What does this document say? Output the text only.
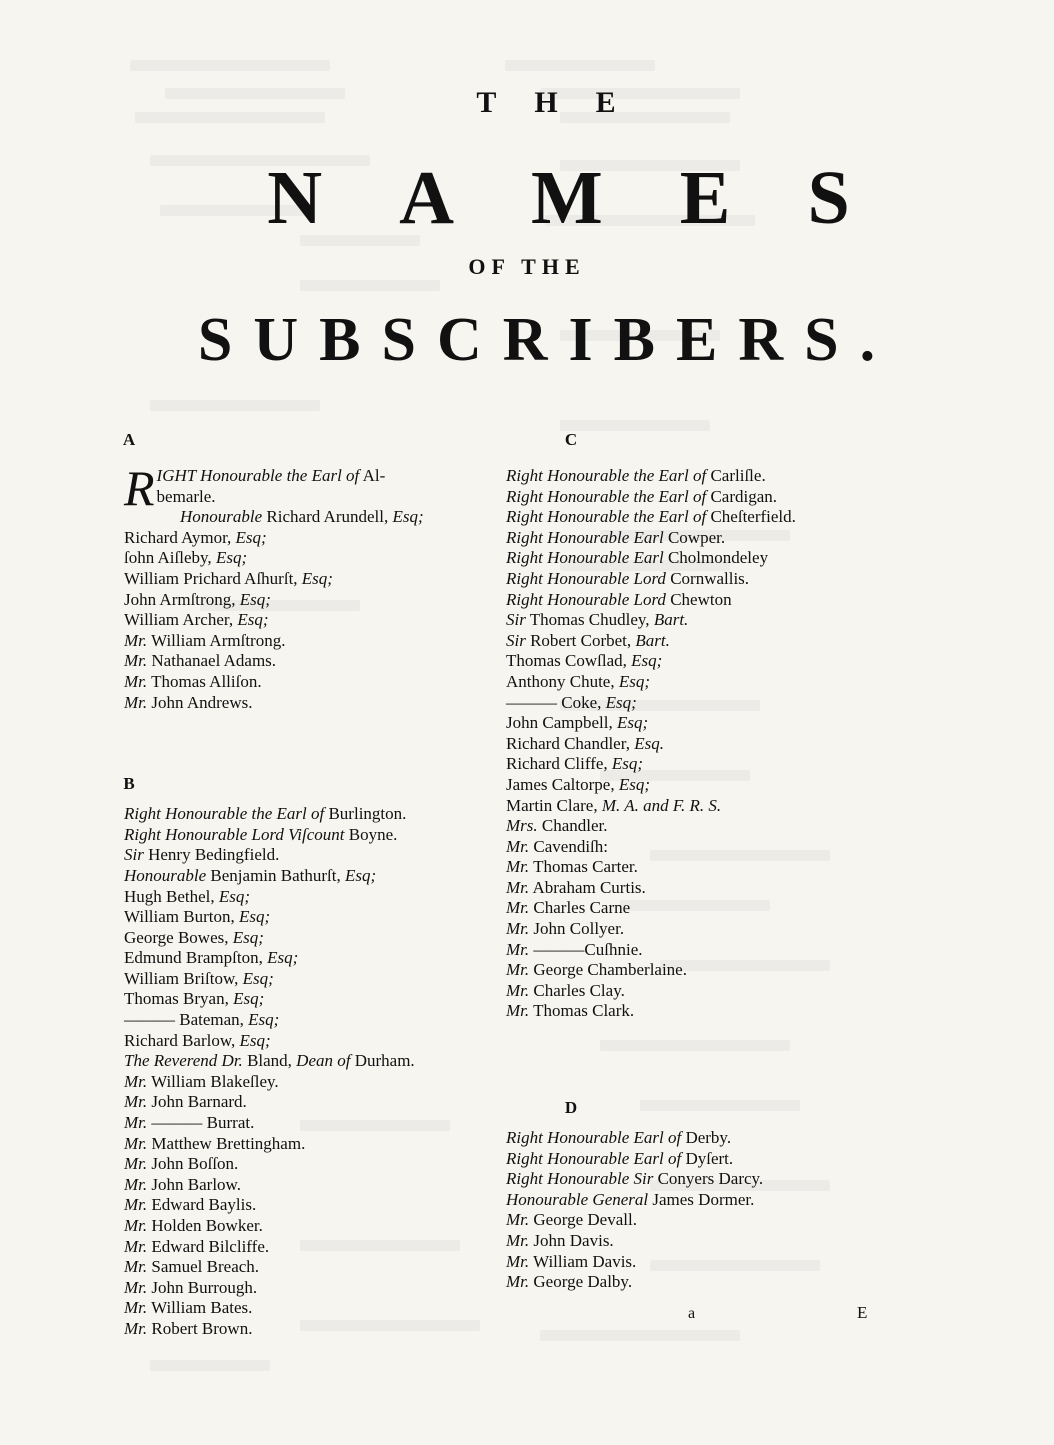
THE
NAMES
OF THE
SUBSCRIBERS.
A
R IGHT Honourable the Earl of Al-
bemarle.
Honourable Richard Arundell, Esq;
Richard Aymor, Esq;
ſohn Aiſleby, Esq;
William Prichard Aſhurſt, Esq;
John Armſtrong, Esq;
William Archer, Esq;
Mr. William Armſtrong.
Mr. Nathanael Adams.
Mr. Thomas Alliſon.
Mr. John Andrews.
B
Right Honourable the Earl of Burlington.
Right Honourable Lord Viſcount Boyne.
Sir Henry Bedingfield.
Honourable Benjamin Bathurſt, Esq;
Hugh Bethel, Esq;
William Burton, Esq;
George Bowes, Esq;
Edmund Brampſton, Esq;
William Briſtow, Esq;
Thomas Bryan, Esq;
——— Bateman, Esq;
Richard Barlow, Esq;
The Reverend Dr. Bland, Dean of Durham.
Mr. William Blakeſley.
Mr. John Barnard.
Mr. ——— Burrat.
Mr. Matthew Brettingham.
Mr. John Boſſon.
Mr. John Barlow.
Mr. Edward Baylis.
Mr. Holden Bowker.
Mr. Edward Bilcliffe.
Mr. Samuel Breach.
Mr. John Burrough.
Mr. William Bates.
Mr. Robert Brown.
C
Right Honourable the Earl of Carliſle.
Right Honourable the Earl of Cardigan.
Right Honourable the Earl of Cheſterfield.
Right Honourable Earl Cowper.
Right Honourable Earl Cholmondeley
Right Honourable Lord Cornwallis.
Right Honourable Lord Chewton
Sir Thomas Chudley, Bart.
Sir Robert Corbet, Bart.
Thomas Cowſlad, Esq;
Anthony Chute, Esq;
——— Coke, Esq;
John Campbell, Esq;
Richard Chandler, Esq.
Richard Cliffe, Esq;
James Caltorpe, Esq;
Martin Clare, M. A. and F. R. S.
Mrs. Chandler.
Mr. Cavendiſh:
Mr. Thomas Carter.
Mr. Abraham Curtis.
Mr. Charles Carne
Mr. John Collyer.
Mr. ———Cuſhnie.
Mr. George Chamberlaine.
Mr. Charles Clay.
Mr. Thomas Clark.
D
Right Honourable Earl of Derby.
Right Honourable Earl of Dyſert.
Right Honourable Sir Conyers Darcy.
Honourable General James Dormer.
Mr. George Devall.
Mr. John Davis.
Mr. William Davis.
Mr. George Dalby.
a	E
